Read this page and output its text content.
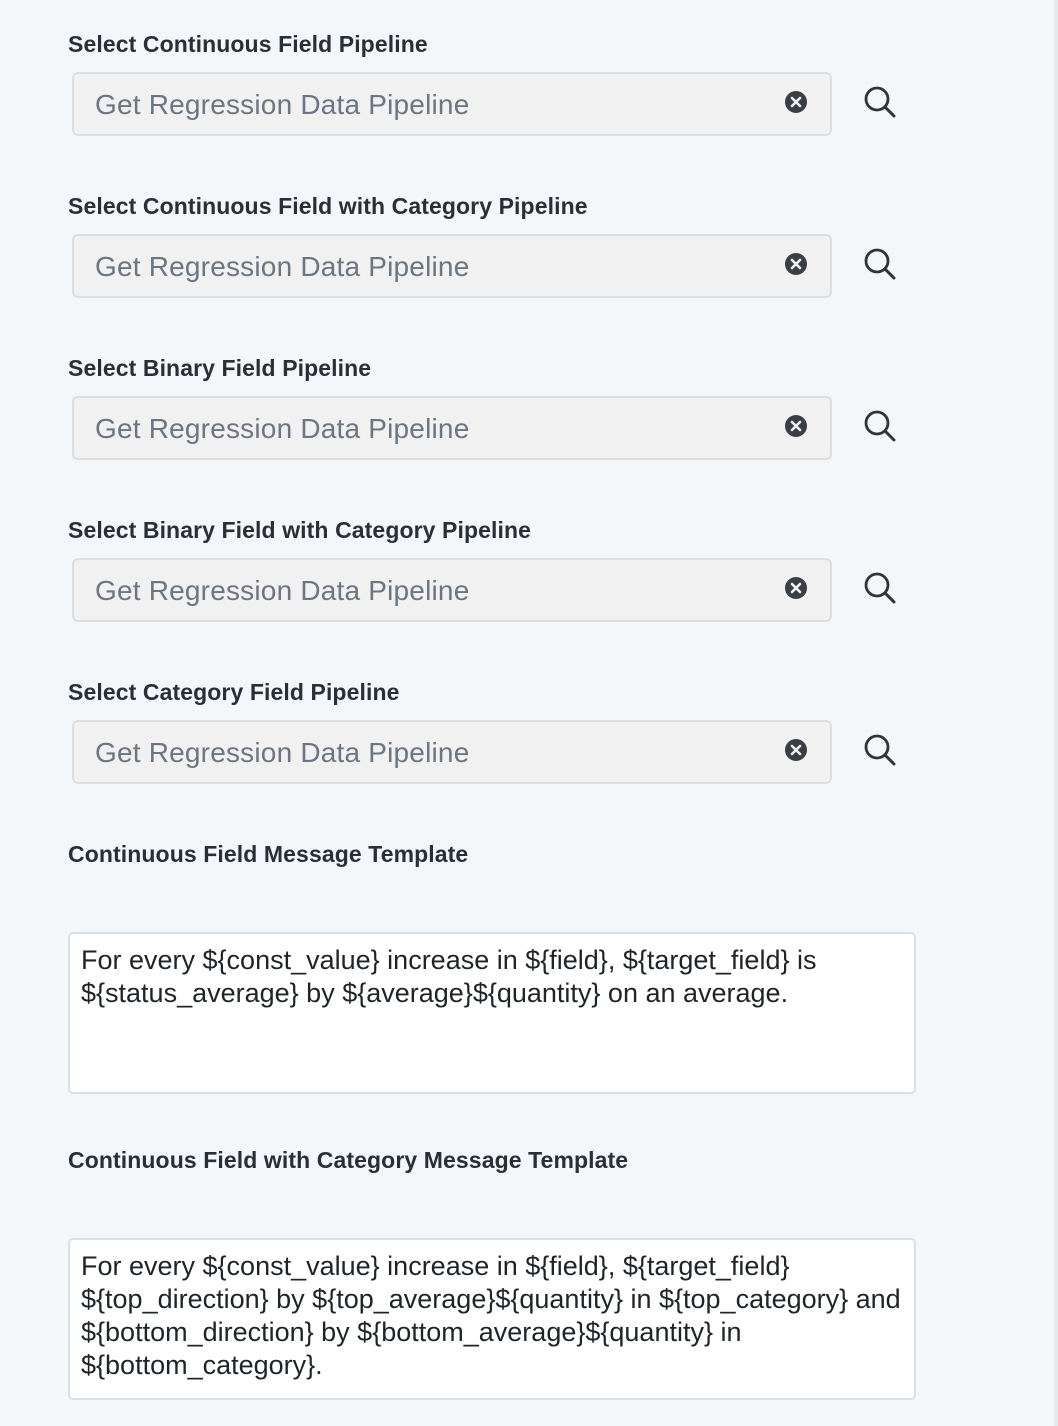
Select Continuous Field Pipeline
Get Regression Data Pipeline
Select Continuous Field with Category Pipeline
Get Regression Data Pipeline
Select Binary Field Pipeline
Get Regression Data Pipeline
Select Binary Field with Category Pipeline
Get Regression Data Pipeline
Select Category Field Pipeline
Get Regression Data Pipeline
Continuous Field Message Template
For every ${const_value} increase in ${field}, ${target_field} is ${status_average} by ${average}${quantity} on an average.
Continuous Field with Category Message Template
For every ${const_value} increase in ${field}, ${target_field} ${top_direction} by ${top_average}${quantity} in ${top_category} and ${bottom_direction} by ${bottom_average}${quantity} in ${bottom_category}.
